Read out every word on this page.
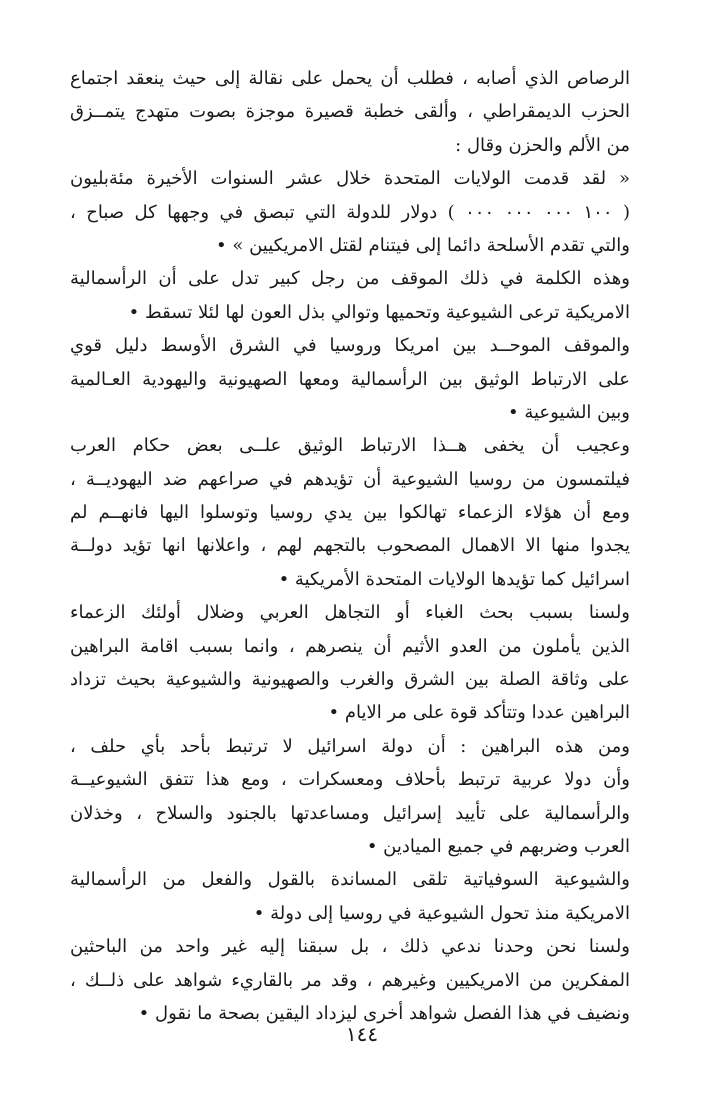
الرصاص الذي أصابه ، فطلب أن يحمل على نقالة إلى حيث ينعقد اجتماع
الحزب الديمقراطي ، وألقى خطبة قصيرة موجزة بصوت متهدج يتمــزق
من الألم والحزن وقال :
« لقد قدمت الولايات المتحدة خلال عشر السنوات الأخيرة مئةبليون
( ١٠٠ ٠٠٠ ٠٠٠ ٠٠٠ ) دولار للدولة التي تبصق في وجهها كل صباح ،
والتي تقدم الأسلحة دائما إلى فيتنام لقتل الامريكيين » •
وهذه الكلمة في ذلك الموقف من رجل كبير تدل على أن الرأسمالية
الامريكية ترعى الشيوعية وتحميها وتوالي بذل العون لها لئلا تسقط •
والموقف الموحــد بين امريكا وروسيا في الشرق الأوسط دليل قوي
على الارتباط الوثيق بين الرأسمالية ومعها الصهيونية واليهودية العـالمية
وبين الشيوعية •
وعجيب أن يخفى هــذا الارتباط الوثيق علــى بعض حكام العرب
فيلتمسون من روسيا الشيوعية أن تؤيدهم في صراعهم ضد اليهوديــة ،
ومع أن هؤلاء الزعماء تهالكوا بين يدي روسيا وتوسلوا اليها فانهــم لم
يجدوا منها الا الاهمال المصحوب بالتجهم لهم ، واعلانها انها تؤيد دولــة
اسرائيل كما تؤيدها الولايات المتحدة الأمريكية •
ولسنا بسبب بحث الغباء أو التجاهل العربي وضلال أولئك الزعماء
الذين يأملون من العدو الأثيم أن ينصرهم ، وانما بسبب اقامة البراهين
على وثاقة الصلة بين الشرق والغرب والصهيونية والشيوعية بحيث تزداد
البراهين عددا وتتأكد قوة على مر الايام •
ومن هذه البراهين : أن دولة اسرائيل لا ترتبط بأحد بأي حلف ،
وأن دولا عربية ترتبط بأحلاف ومعسكرات ، ومع هذا تتفق الشيوعيــة
والرأسمالية على تأييد إسرائيل ومساعدتها بالجنود والسلاح ، وخذلان
العرب وضربهم في جميع الميادين •
والشيوعية السوفياتية تلقى المساندة بالقول والفعل من الرأسمالية
الامريكية منذ تحول الشيوعية في روسيا إلى دولة •
ولسنا نحن وحدنا ندعي ذلك ، بل سبقنا إليه غير واحد من الباحثين
المفكرين من الامريكيين وغيرهم ، وقد مر بالقاريء شواهد على ذلــك ،
ونضيف في هذا الفصل شواهد أخرى ليزداد اليقين بصحة ما نقول •
١٤٤
